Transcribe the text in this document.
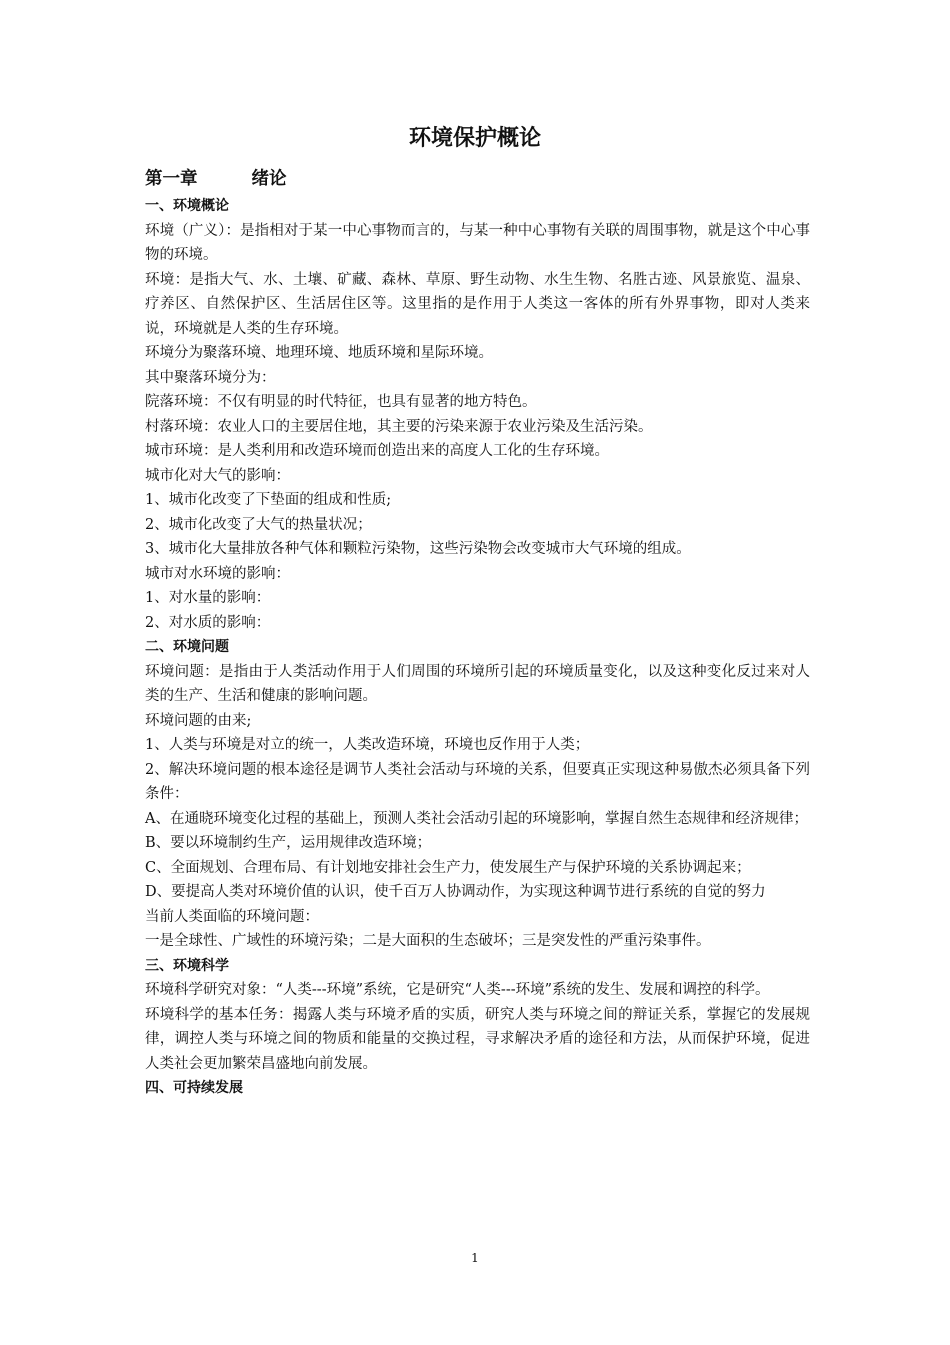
环境保护概论
第一章	绪论
一、环境概论

环境（广义）：是指相对于某一中心事物而言的，与某一种中心事物有关联的周围事物，就是这个中心事物的环境。

环境：是指大气、水、土壤、矿藏、森林、草原、野生动物、水生生物、名胜古迹、风景旅览、温泉、疗养区、自然保护区、生活居住区等。这里指的是作用于人类这一客体的所有外界事物，即对人类来说，环境就是人类的生存环境。

环境分为聚落环境、地理环境、地质环境和星际环境。

其中聚落环境分为：

院落环境：不仅有明显的时代特征，也具有显著的地方特色。

村落环境：农业人口的主要居住地，其主要的污染来源于农业污染及生活污染。

城市环境：是人类利用和改造环境而创造出来的高度人工化的生存环境。

城市化对大气的影响：

1、城市化改变了下垫面的组成和性质;

2、城市化改变了大气的热量状况；

3、城市化大量排放各种气体和颗粒污染物，这些污染物会改变城市大气环境的组成。

城市对水环境的影响：

1、对水量的影响：

2、对水质的影响：

二、环境问题

环境问题：是指由于人类活动作用于人们周围的环境所引起的环境质量变化，以及这种变化反过来对人类的生产、生活和健康的影响问题。

环境问题的由来;

1、人类与环境是对立的统一，人类改造环境，环境也反作用于人类；

2、解决环境问题的根本途径是调节人类社会活动与环境的关系，但要真正实现这种易傲杰必须具备下列条件：

A、在通晓环境变化过程的基础上，预测人类社会活动引起的环境影响，掌握自然生态规律和经济规律；

B、要以环境制约生产，运用规律改造环境；

C、全面规划、合理布局、有计划地安排社会生产力，使发展生产与保护环境的关系协调起来；

D、要提高人类对环境价值的认识，使千百万人协调动作，为实现这种调节进行系统的自觉的努力

当前人类面临的环境问题：

一是全球性、广域性的环境污染；二是大面积的生态破坏；三是突发性的严重污染事件。

三、环境科学

环境科学研究对象：“人类---环境”系统，它是研究“人类---环境”系统的发生、发展和调控的科学。

环境科学的基本任务：揭露人类与环境矛盾的实质，研究人类与环境之间的辩证关系，掌握它的发展规律，调控人类与环境之间的物质和能量的交换过程，寻求解决矛盾的途径和方法，从而保护环境，促进人类社会更加繁荣昌盛地向前发展。

四、可持续发展

1
